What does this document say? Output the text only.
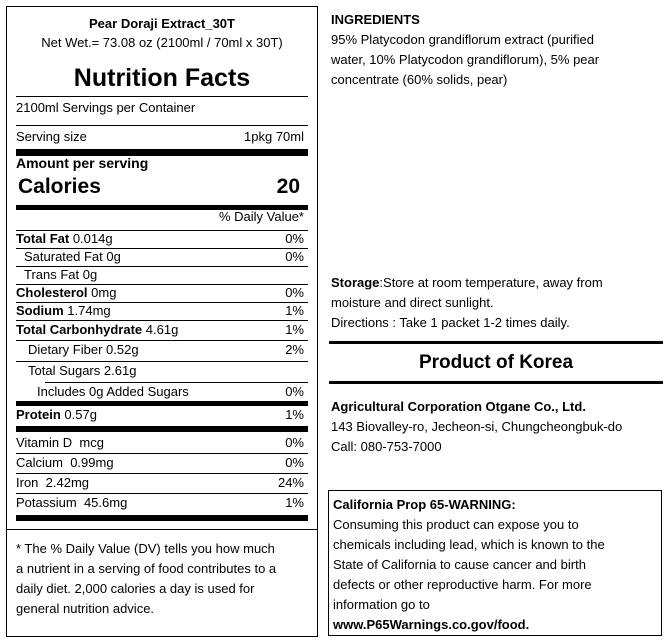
Pear Doraji Extract_30T
Net Wet.= 73.08 oz (2100ml / 70ml x 30T)
Nutrition Facts
2100ml Servings per Container
Serving size	1pkg 70ml
Amount per serving
Calories	20
% Daily Value*
Total Fat 0.014g	0%
Saturated Fat 0g	0%
Trans Fat 0g
Cholesterol 0mg	0%
Sodium 1.74mg	1%
Total Carbonhydrate 4.61g	1%
Dietary Fiber 0.52g	2%
Total Sugars 2.61g
Includes 0g Added Sugars	0%
Protein 0.57g	1%
Vitamin D mcg	0%
Calcium 0.99mg	0%
Iron 2.42mg	24%
Potassium 45.6mg	1%
* The % Daily Value (DV) tells you how much
a nutrient in a serving of food contributes to a
daily diet. 2,000 calories a day is used for
general nutrition advice.
INGREDIENTS
95% Platycodon grandiflorum extract (purified
water, 10% Platycodon grandiflorum), 5% pear
concentrate (60% solids, pear)
Storage:Store at room temperature, away from
moisture and direct sunlight.
Directions : Take 1 packet 1-2 times daily.
Product of Korea
Agricultural Corporation Otgane Co., Ltd.
143 Biovalley-ro, Jecheon-si, Chungcheongbuk-do
Call: 080-753-7000
California Prop 65-WARNING:
Consuming this product can expose you to
chemicals including lead, which is known to the
State of California to cause cancer and birth
defects or other reproductive harm. For more
information go to
www.P65Warnings.co.gov/food.
